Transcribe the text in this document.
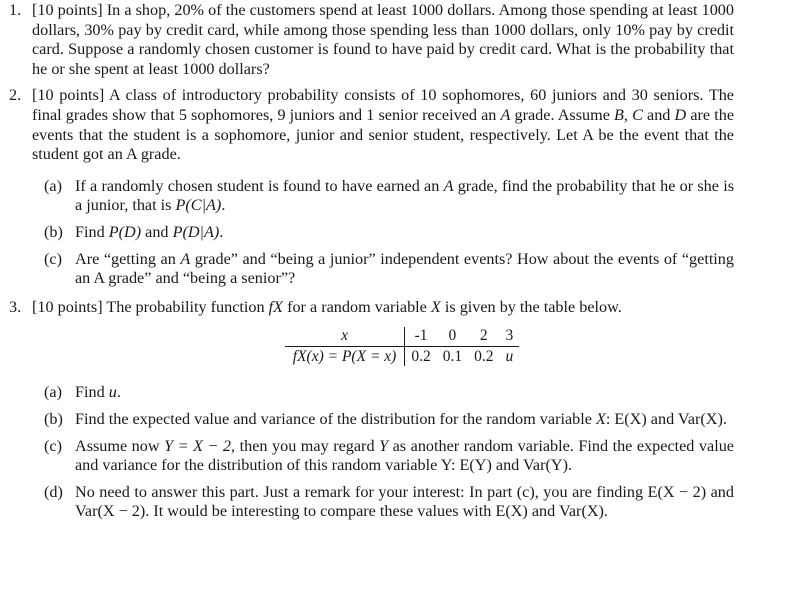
1. [10 points] In a shop, 20% of the customers spend at least 1000 dollars. Among those spending at least 1000 dollars, 30% pay by credit card, while among those spending less than 1000 dollars, only 10% pay by credit card. Suppose a randomly chosen customer is found to have paid by credit card. What is the probability that he or she spent at least 1000 dollars?
2. [10 points] A class of introductory probability consists of 10 sophomores, 60 juniors and 30 seniors. The final grades show that 5 sophomores, 9 juniors and 1 senior received an A grade. Assume B, C and D are the events that the student is a sophomore, junior and senior student, respectively. Let A be the event that the student got an A grade.
(a) If a randomly chosen student is found to have earned an A grade, find the probability that he or she is a junior, that is P(C|A).
(b) Find P(D) and P(D|A).
(c) Are “getting an A grade” and “being a junior” independent events? How about the events of “getting an A grade” and “being a senior”?
3. [10 points] The probability function fX for a random variable X is given by the table below.
x	-1	0	2	3
fX(x) = P(X = x)	0.2	0.1	0.2	u
(a) Find u.
(b) Find the expected value and variance of the distribution for the random variable X: E(X) and Var(X).
(c) Assume now Y = X − 2, then you may regard Y as another random variable. Find the expected value and variance for the distribution of this random variable Y: E(Y) and Var(Y).
(d) No need to answer this part. Just a remark for your interest: In part (c), you are finding E(X − 2) and Var(X − 2). It would be interesting to compare these values with E(X) and Var(X).
